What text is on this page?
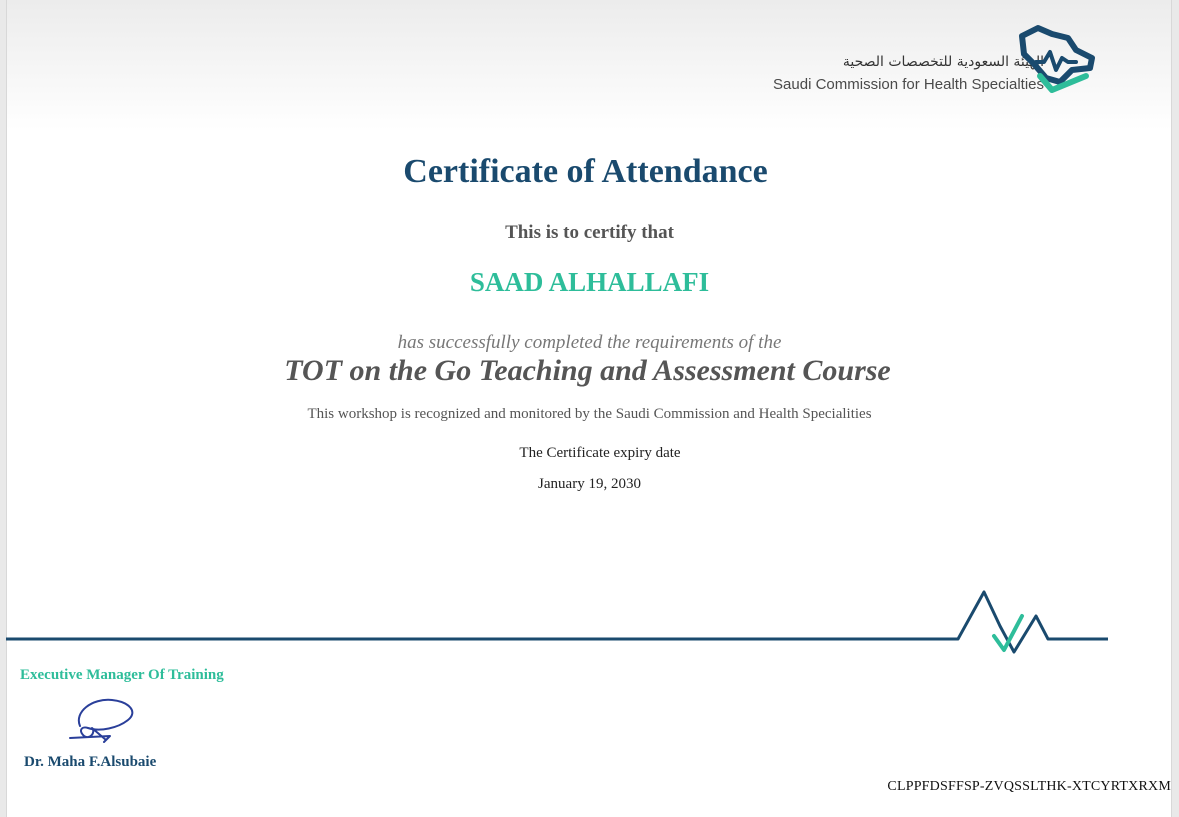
الهيئة السعودية للتخصصات الصحية
Saudi Commission for Health Specialties
Certificate of Attendance
This is to certify that
SAAD ALHALLAFI
has successfully completed the requirements of the
TOT on the Go Teaching and Assessment Course
This workshop is recognized and monitored by the Saudi Commission and Health Specialities
The Certificate expiry date
January 19, 2030
Executive Manager Of Training
Dr. Maha F.Alsubaie
CLPPFDSFFSP-ZVQSSLTHK-XTCYRTXRXM
